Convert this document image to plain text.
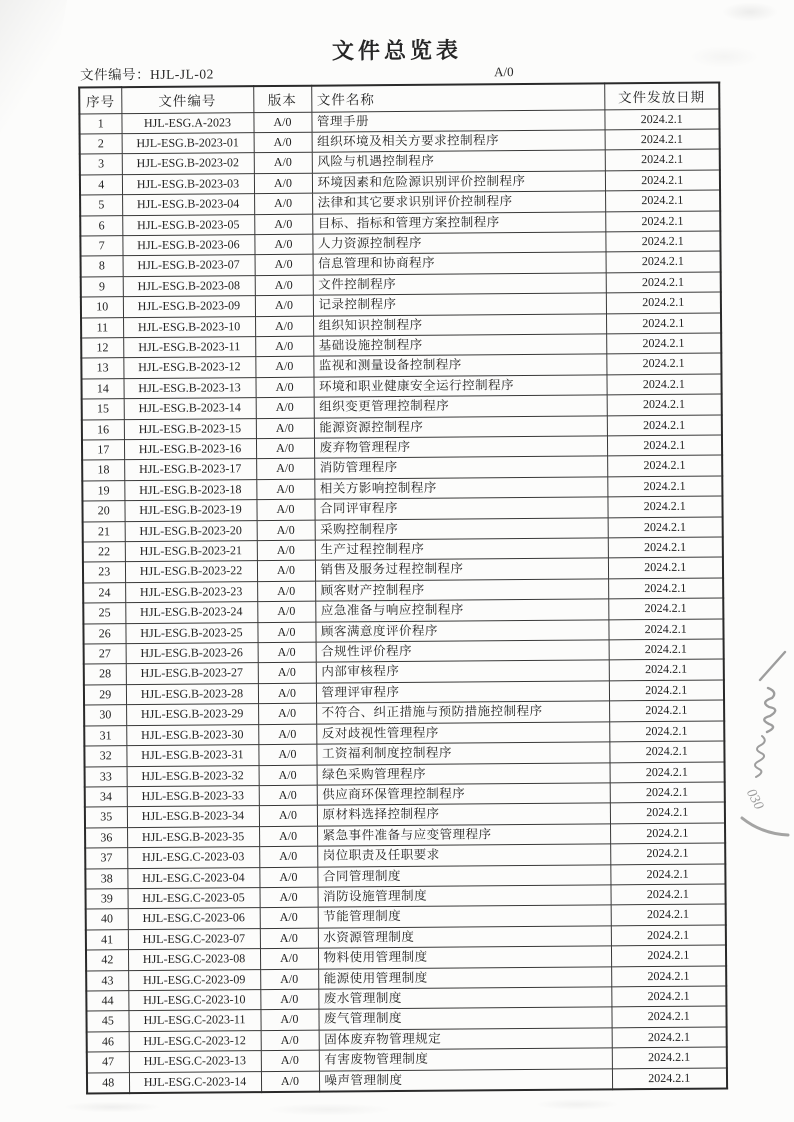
文件总览表
文件编号：HJL-JL-02	A/0
序号	文件编号	版本	文件名称	文件发放日期
1	HJL-ESG.A-2023	A/0	管理手册	2024.2.1
2	HJL-ESG.B-2023-01	A/0	组织环境及相关方要求控制程序	2024.2.1
3	HJL-ESG.B-2023-02	A/0	风险与机遇控制程序	2024.2.1
4	HJL-ESG.B-2023-03	A/0	环境因素和危险源识别评价控制程序	2024.2.1
5	HJL-ESG.B-2023-04	A/0	法律和其它要求识别评价控制程序	2024.2.1
6	HJL-ESG.B-2023-05	A/0	目标、指标和管理方案控制程序	2024.2.1
7	HJL-ESG.B-2023-06	A/0	人力资源控制程序	2024.2.1
8	HJL-ESG.B-2023-07	A/0	信息管理和协商程序	2024.2.1
9	HJL-ESG.B-2023-08	A/0	文件控制程序	2024.2.1
10	HJL-ESG.B-2023-09	A/0	记录控制程序	2024.2.1
11	HJL-ESG.B-2023-10	A/0	组织知识控制程序	2024.2.1
12	HJL-ESG.B-2023-11	A/0	基础设施控制程序	2024.2.1
13	HJL-ESG.B-2023-12	A/0	监视和测量设备控制程序	2024.2.1
14	HJL-ESG.B-2023-13	A/0	环境和职业健康安全运行控制程序	2024.2.1
15	HJL-ESG.B-2023-14	A/0	组织变更管理控制程序	2024.2.1
16	HJL-ESG.B-2023-15	A/0	能源资源控制程序	2024.2.1
17	HJL-ESG.B-2023-16	A/0	废弃物管理程序	2024.2.1
18	HJL-ESG.B-2023-17	A/0	消防管理程序	2024.2.1
19	HJL-ESG.B-2023-18	A/0	相关方影响控制程序	2024.2.1
20	HJL-ESG.B-2023-19	A/0	合同评审程序	2024.2.1
21	HJL-ESG.B-2023-20	A/0	采购控制程序	2024.2.1
22	HJL-ESG.B-2023-21	A/0	生产过程控制程序	2024.2.1
23	HJL-ESG.B-2023-22	A/0	销售及服务过程控制程序	2024.2.1
24	HJL-ESG.B-2023-23	A/0	顾客财产控制程序	2024.2.1
25	HJL-ESG.B-2023-24	A/0	应急准备与响应控制程序	2024.2.1
26	HJL-ESG.B-2023-25	A/0	顾客满意度评价程序	2024.2.1
27	HJL-ESG.B-2023-26	A/0	合规性评价程序	2024.2.1
28	HJL-ESG.B-2023-27	A/0	内部审核程序	2024.2.1
29	HJL-ESG.B-2023-28	A/0	管理评审程序	2024.2.1
30	HJL-ESG.B-2023-29	A/0	不符合、纠正措施与预防措施控制程序	2024.2.1
31	HJL-ESG.B-2023-30	A/0	反对歧视性管理程序	2024.2.1
32	HJL-ESG.B-2023-31	A/0	工资福利制度控制程序	2024.2.1
33	HJL-ESG.B-2023-32	A/0	绿色采购管理程序	2024.2.1
34	HJL-ESG.B-2023-33	A/0	供应商环保管理控制程序	2024.2.1
35	HJL-ESG.B-2023-34	A/0	原材料选择控制程序	2024.2.1
36	HJL-ESG.B-2023-35	A/0	紧急事件准备与应变管理程序	2024.2.1
37	HJL-ESG.C-2023-03	A/0	岗位职责及任职要求	2024.2.1
38	HJL-ESG.C-2023-04	A/0	合同管理制度	2024.2.1
39	HJL-ESG.C-2023-05	A/0	消防设施管理制度	2024.2.1
40	HJL-ESG.C-2023-06	A/0	节能管理制度	2024.2.1
41	HJL-ESG.C-2023-07	A/0	水资源管理制度	2024.2.1
42	HJL-ESG.C-2023-08	A/0	物料使用管理制度	2024.2.1
43	HJL-ESG.C-2023-09	A/0	能源使用管理制度	2024.2.1
44	HJL-ESG.C-2023-10	A/0	废水管理制度	2024.2.1
45	HJL-ESG.C-2023-11	A/0	废气管理制度	2024.2.1
46	HJL-ESG.C-2023-12	A/0	固体废弃物管理规定	2024.2.1
47	HJL-ESG.C-2023-13	A/0	有害废物管理制度	2024.2.1
48	HJL-ESG.C-2023-14	A/0	噪声管理制度	2024.2.1
030
